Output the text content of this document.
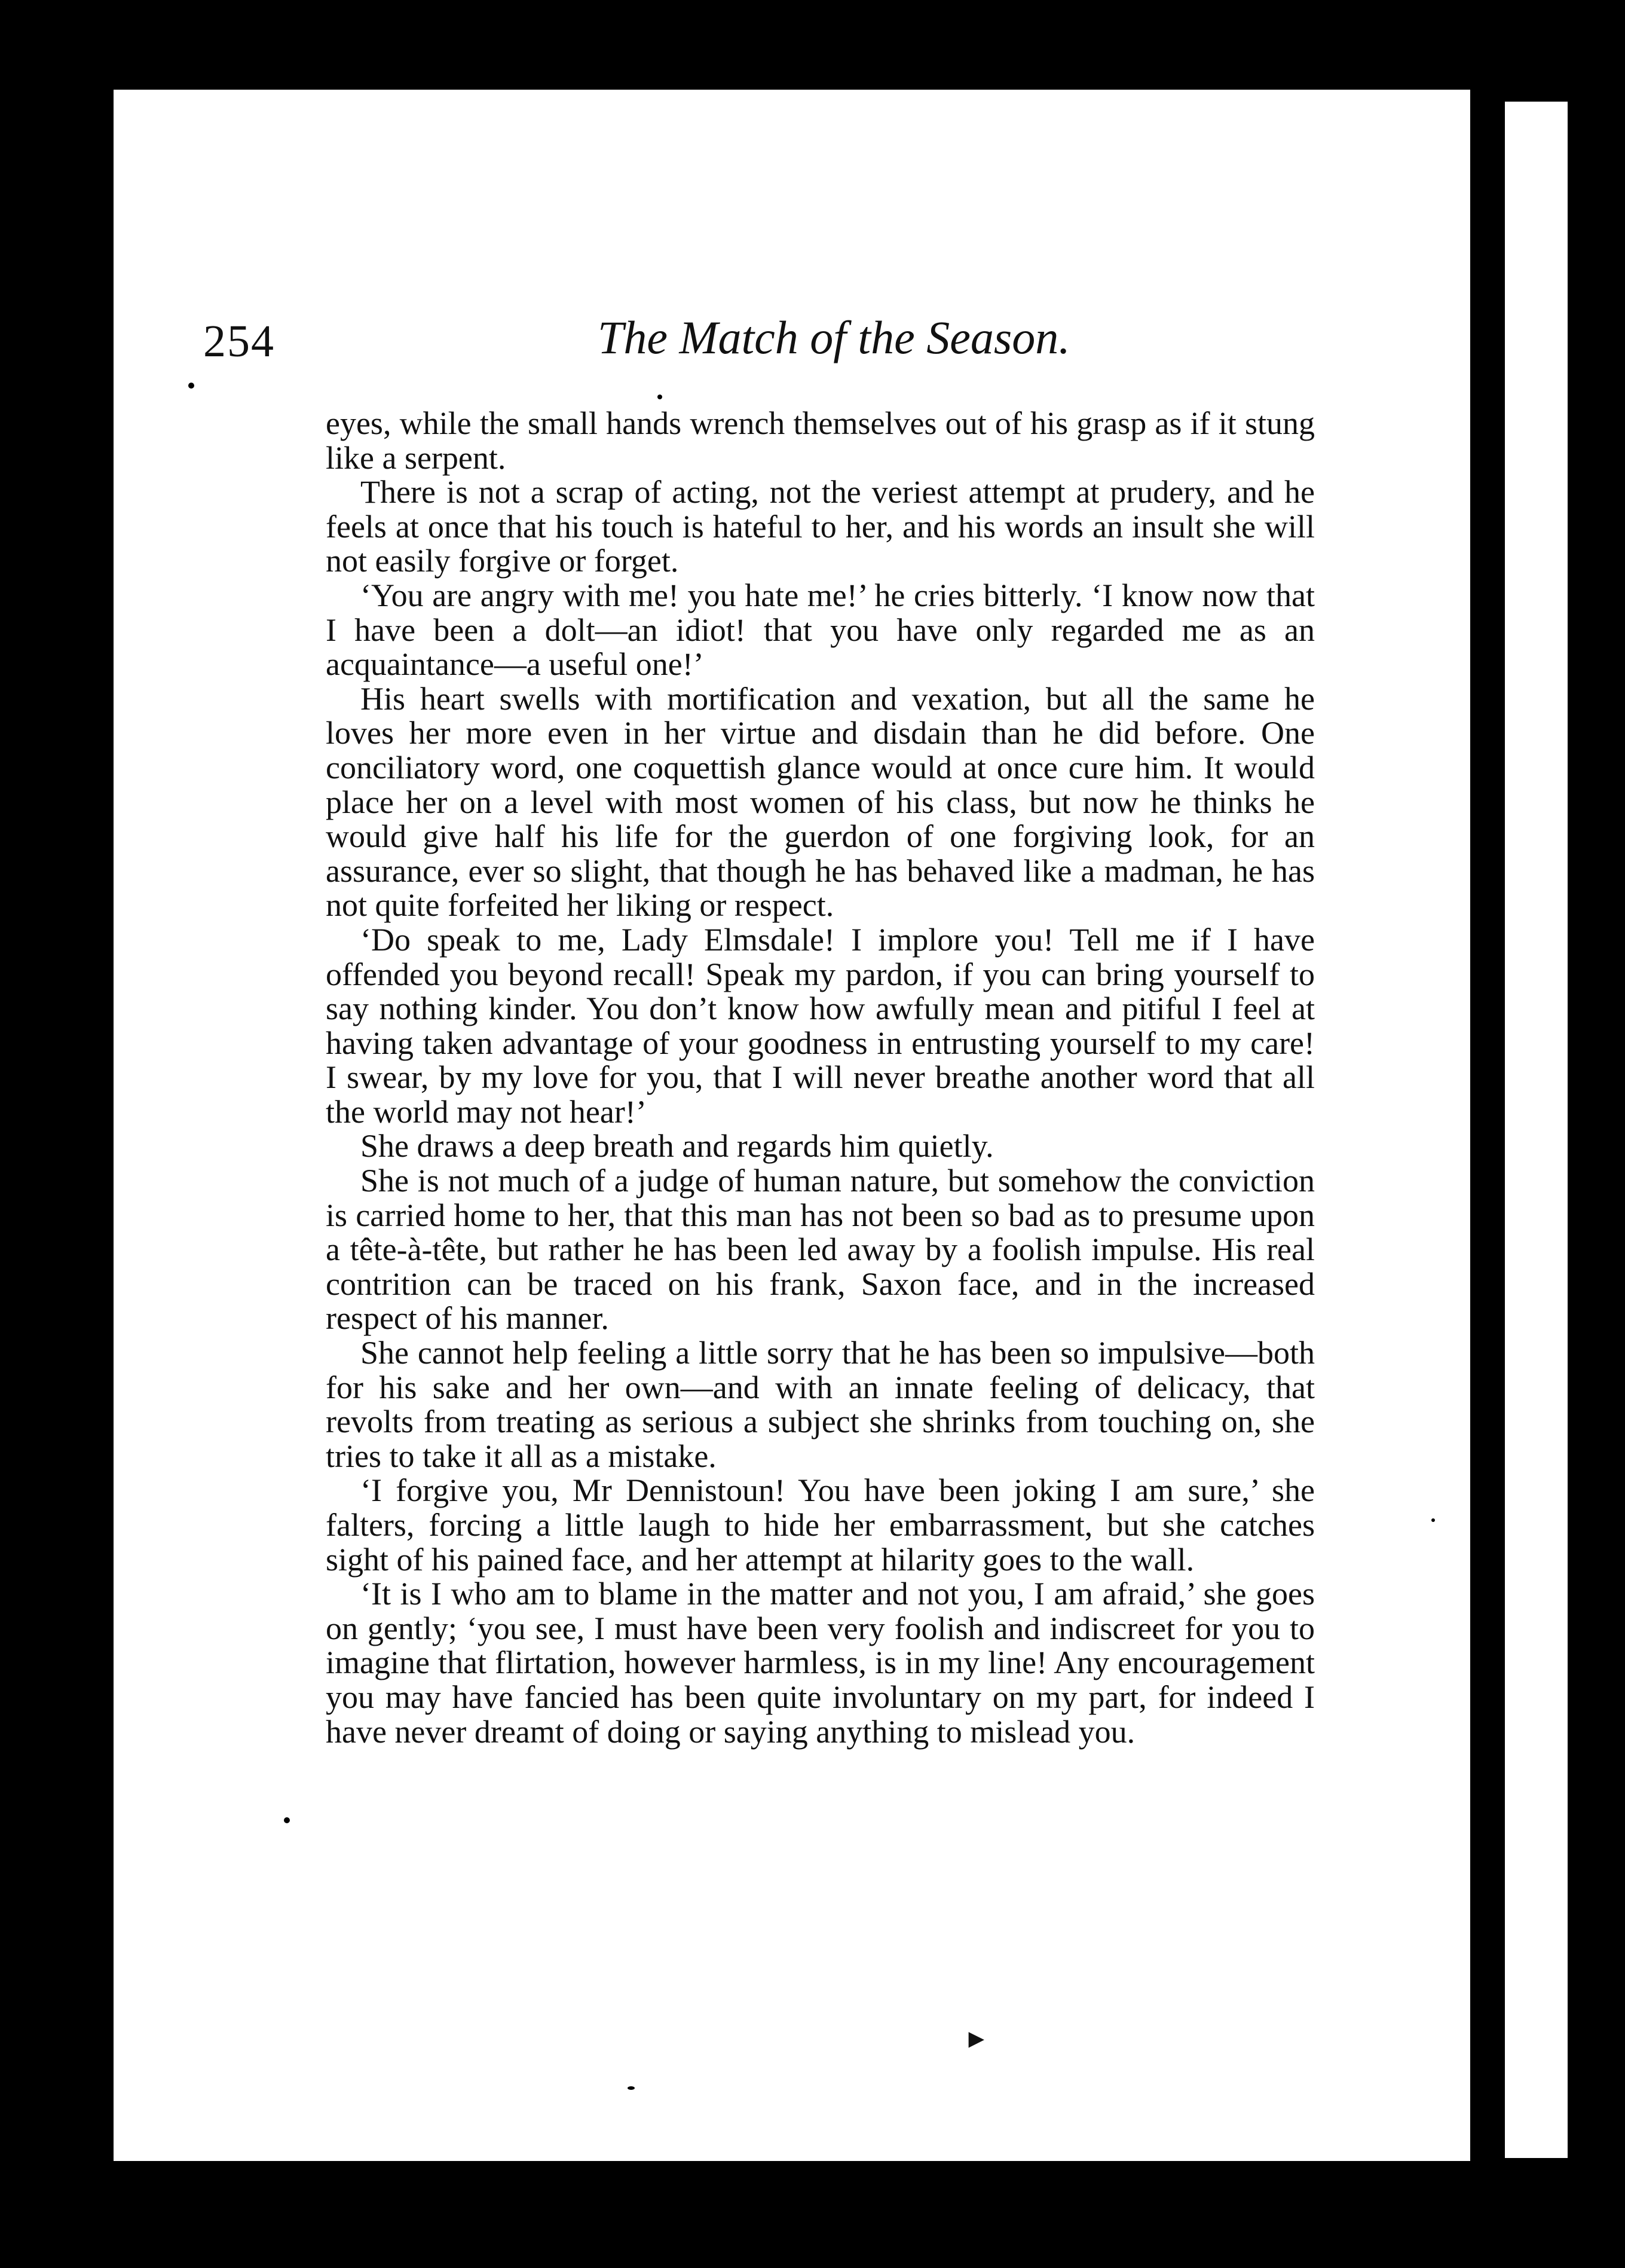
254	The Match of the Season.

eyes, while the small hands wrench themselves out of his grasp as if it stung like a serpent.

There is not a scrap of acting, not the veriest attempt at prudery, and he feels at once that his touch is hateful to her, and his words an insult she will not easily forgive or forget.

‘You are angry with me! you hate me!’ he cries bitterly. ‘I know now that I have been a dolt—an idiot! that you have only regarded me as an acquaintance—a useful one!’

His heart swells with mortification and vexation, but all the same he loves her more even in her virtue and disdain than he did before. One conciliatory word, one coquettish glance would at once cure him. It would place her on a level with most women of his class, but now he thinks he would give half his life for the guerdon of one forgiving look, for an assurance, ever so slight, that though he has behaved like a madman, he has not quite forfeited her liking or respect.

‘Do speak to me, Lady Elmsdale! I implore you! Tell me if I have offended you beyond recall! Speak my pardon, if you can bring yourself to say nothing kinder. You don’t know how awfully mean and pitiful I feel at having taken advantage of your goodness in entrusting yourself to my care! I swear, by my love for you, that I will never breathe another word that all the world may not hear!’

She draws a deep breath and regards him quietly.

She is not much of a judge of human nature, but somehow the conviction is carried home to her, that this man has not been so bad as to presume upon a tête-à-tête, but rather he has been led away by a foolish impulse. His real contrition can be traced on his frank, Saxon face, and in the increased respect of his manner.

She cannot help feeling a little sorry that he has been so impulsive—both for his sake and her own—and with an innate feeling of delicacy, that revolts from treating as serious a subject she shrinks from touching on, she tries to take it all as a mistake.

‘I forgive you, Mr Dennistoun! You have been joking I am sure,’ she falters, forcing a little laugh to hide her embarrassment, but she catches sight of his pained face, and her attempt at hilarity goes to the wall.

‘It is I who am to blame in the matter and not you, I am afraid,’ she goes on gently; ‘you see, I must have been very foolish and indiscreet for you to imagine that flirtation, however harmless, is in my line! Any encouragement you may have fancied has been quite involuntary on my part, for indeed I have never dreamt of doing or saying anything to mislead you.

►
